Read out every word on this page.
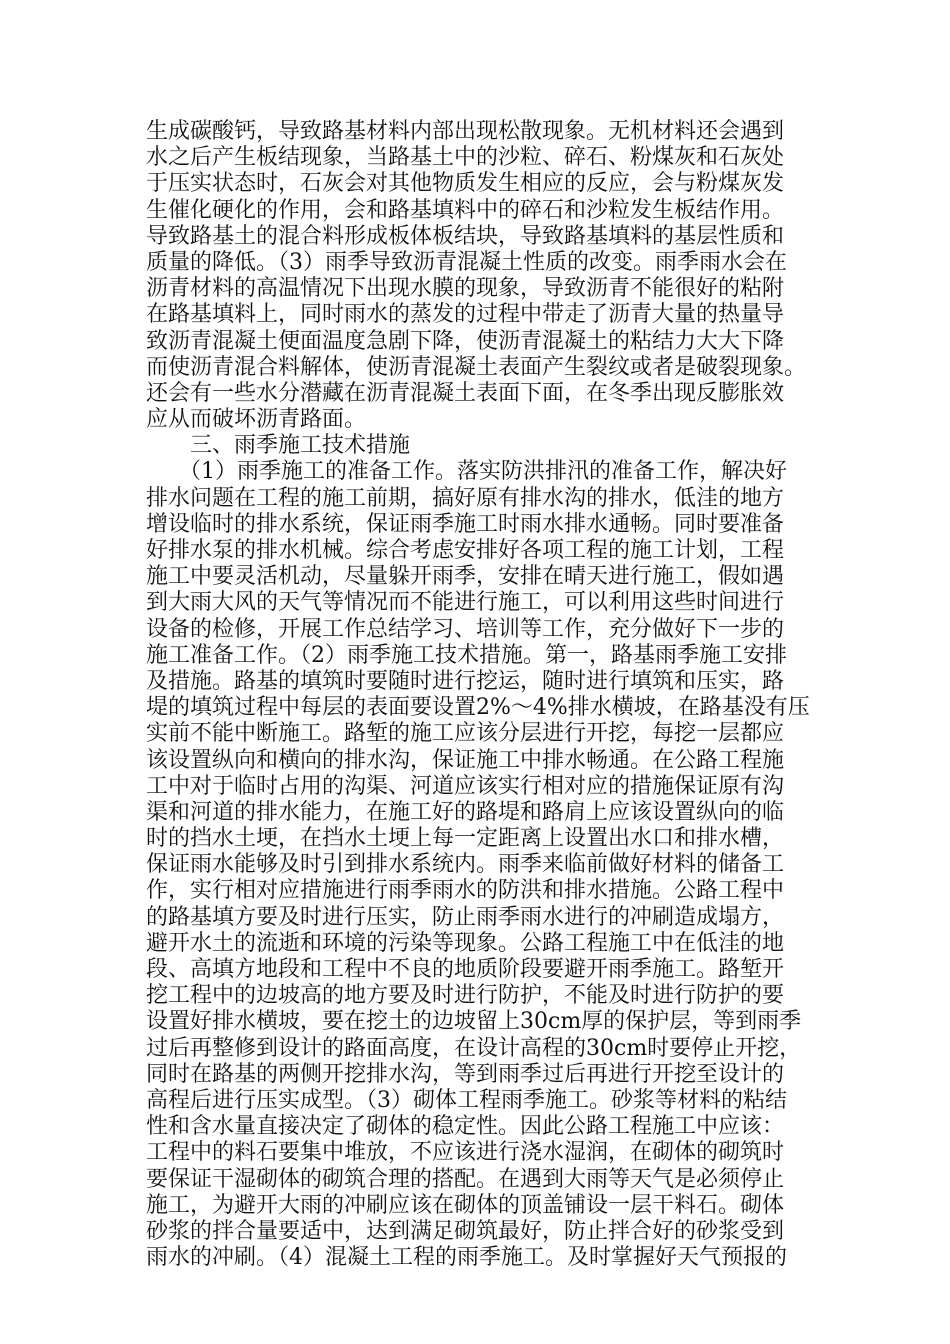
生成碳酸钙，导致路基材料内部出现松散现象。无机材料还会遇到
水之后产生板结现象，当路基土中的沙粒、碎石、粉煤灰和石灰处
于压实状态时，石灰会对其他物质发生相应的反应，会与粉煤灰发
生催化硬化的作用，会和路基填料中的碎石和沙粒发生板结作用。
导致路基土的混合料形成板体板结块，导致路基填料的基层性质和
质量的降低。（3）雨季导致沥青混凝土性质的改变。雨季雨水会在
沥青材料的高温情况下出现水膜的现象，导致沥青不能很好的粘附
在路基填料上，同时雨水的蒸发的过程中带走了沥青大量的热量导
致沥青混凝土便面温度急剧下降，使沥青混凝土的粘结力大大下降
而使沥青混合料解体，使沥青混凝土表面产生裂纹或者是破裂现象。
还会有一些水分潜藏在沥青混凝土表面下面，在冬季出现反膨胀效
应从而破坏沥青路面。
三、雨季施工技术措施
（1）雨季施工的准备工作。落实防洪排汛的准备工作，解决好
排水问题在工程的施工前期，搞好原有排水沟的排水，低洼的地方
增设临时的排水系统，保证雨季施工时雨水排水通畅。同时要准备
好排水泵的排水机械。综合考虑安排好各项工程的施工计划，工程
施工中要灵活机动，尽量躲开雨季，安排在晴天进行施工，假如遇
到大雨大风的天气等情况而不能进行施工，可以利用这些时间进行
设备的检修，开展工作总结学习、培训等工作，充分做好下一步的
施工准备工作。（2）雨季施工技术措施。第一，路基雨季施工安排
及措施。路基的填筑时要随时进行挖运，随时进行填筑和压实，路
堤的填筑过程中每层的表面要设置2%～4%排水横坡，在路基没有压
实前不能中断施工。路堑的施工应该分层进行开挖，每挖一层都应
该设置纵向和横向的排水沟，保证施工中排水畅通。在公路工程施
工中对于临时占用的沟渠、河道应该实行相对应的措施保证原有沟
渠和河道的排水能力，在施工好的路堤和路肩上应该设置纵向的临
时的挡水土埂，在挡水土埂上每一定距离上设置出水口和排水槽，
保证雨水能够及时引到排水系统内。雨季来临前做好材料的储备工
作，实行相对应措施进行雨季雨水的防洪和排水措施。公路工程中
的路基填方要及时进行压实，防止雨季雨水进行的冲刷造成塌方，
避开水土的流逝和环境的污染等现象。公路工程施工中在低洼的地
段、高填方地段和工程中不良的地质阶段要避开雨季施工。路堑开
挖工程中的边坡高的地方要及时进行防护，不能及时进行防护的要
设置好排水横坡，要在挖土的边坡留上30cm厚的保护层，等到雨季
过后再整修到设计的路面高度，在设计高程的30cm时要停止开挖，
同时在路基的两侧开挖排水沟，等到雨季过后再进行开挖至设计的
高程后进行压实成型。（3）砌体工程雨季施工。砂浆等材料的粘结
性和含水量直接决定了砌体的稳定性。因此公路工程施工中应该：
工程中的料石要集中堆放，不应该进行浇水湿润，在砌体的砌筑时
要保证干湿砌体的砌筑合理的搭配。在遇到大雨等天气是必须停止
施工，为避开大雨的冲刷应该在砌体的顶盖铺设一层干料石。砌体
砂浆的拌合量要适中，达到满足砌筑最好，防止拌合好的砂浆受到
雨水的冲刷。（4）混凝土工程的雨季施工。及时掌握好天气预报的
